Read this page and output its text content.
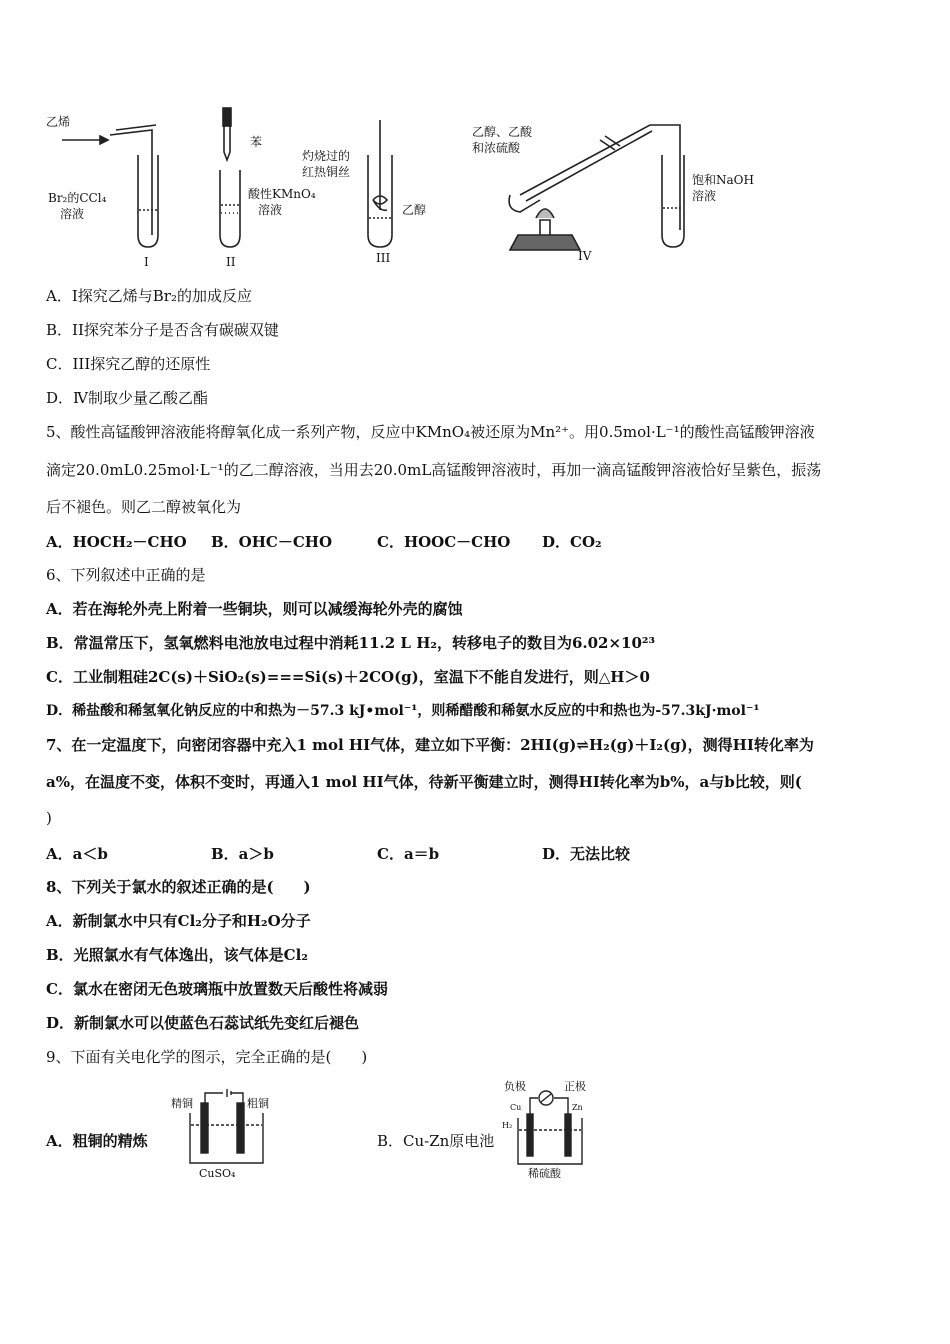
乙烯
Br₂的CCl₄
溶液
苯
酸性KMnO₄
溶液
灼烧过的
红热铜丝
乙醇
乙醇、乙酸
和浓硫酸
饱和NaOH
溶液
I	II	III	IV
A．Ⅰ探究乙烯与Br₂的加成反应
B．II探究苯分子是否含有碳碳双键
C．III探究乙醇的还原性
D．Ⅳ制取少量乙酸乙酯
5、酸性高锰酸钾溶液能将醇氧化成一系列产物，反应中KMnO₄被还原为Mn²⁺。用0.5mol·L⁻¹的酸性高锰酸钾溶液
滴定20.0mL0.25mol·L⁻¹的乙二醇溶液，当用去20.0mL高锰酸钾溶液时，再加一滴高锰酸钾溶液恰好呈紫色，振荡
后不褪色。则乙二醇被氧化为
A．HOCH₂－CHO B．OHC－CHO	C．HOOC－CHO D．CO₂
6、下列叙述中正确的是
A．若在海轮外壳上附着一些铜块，则可以减缓海轮外壳的腐蚀
B．常温常压下，氢氧燃料电池放电过程中消耗11.2 L H₂，转移电子的数目为6.02×10²³
C．工业制粗硅2C(s)＋SiO₂(s)===Si(s)＋2CO(g)，室温下不能自发进行，则△H＞0
D．稀盐酸和稀氢氧化钠反应的中和热为－57.3 kJ•mol⁻¹，则稀醋酸和稀氨水反应的中和热也为-57.3kJ·mol⁻¹
7、在一定温度下，向密闭容器中充入1 mol HI气体，建立如下平衡：2HI(g)⇌H₂(g)＋I₂(g)，测得HI转化率为
a%，在温度不变，体积不变时，再通入1 mol HI气体，待新平衡建立时，测得HI转化率为b%，a与b比较，则(
)
A．a＜b	B．a＞b	C．a＝b	D．无法比较
8、下列关于氯水的叙述正确的是(　　)
A．新制氯水中只有Cl₂分子和H₂O分子
B．光照氯水有气体逸出，该气体是Cl₂
C．氯水在密闭无色玻璃瓶中放置数天后酸性将减弱
D．新制氯水可以使蓝色石蕊试纸先变红后褪色
9、下面有关电化学的图示，完全正确的是(　　)
A．粗铜的精炼	B．Cu-Zn原电池
精铜	粗铜
CuSO₄
负极	正极
Cu	Zn
H₂
稀硫酸
